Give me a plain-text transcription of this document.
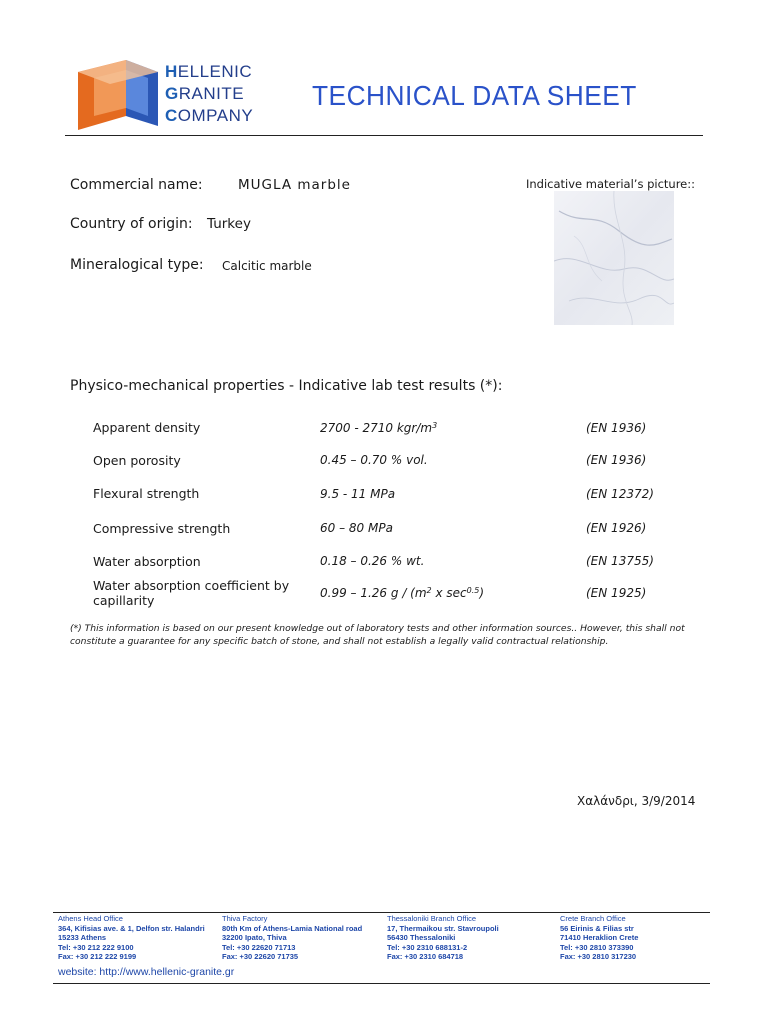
HELLENIC
GRANITE
COMPANY
TECHNICAL DATA SHEET
Commercial name:	MUGLA marble
Country of origin: Turkey
Mineralogical type: Calcitic marble
Indicative material’s picture::
Physico-mechanical properties - Indicative lab test results (*):
Apparent density	2700 - 2710 kgr/$m^3$	(EN 1936)
Open porosity	0.45 – 0.70 % vol.	(EN 1936)
Flexural strength	9.5 - 11 MPa	(EN 12372)
Compressive strength	60 – 80 MPa	(EN 1926)
Water absorption	0.18 – 0.26 % wt.	(EN 13755)
Water absorption coefficient by
capillarity	0.99 – 1.26 g / ($m^2$ x $\sec^{0.5}$)	(EN 1925)
(*) This information is based on our present knowledge out of laboratory tests and other information sources.. However, this shall not constitute a guarantee for any specific batch of stone, and shall not establish a legally valid contractual relationship.
Χαλάνδρι, 3/9/2014
Athens Head Office
364, Kifisias ave. & 1, Delfon str. Halandri
15233 Athens
Tel: +30 212 222 9100
Fax: +30 212 222 9199
Thiva Factory
80th Km of Athens-Lamia National road
32200 Ipato, Thiva
Tel: +30 22620 71713
Fax: +30 22620 71735
Thessaloniki Branch Office
17, Thermaikou str. Stavroupoli
56430 Thessaloniki
Tel: +30 2310 688131-2
Fax: +30 2310 684718
Crete Branch Office
56 Eirinis & Filias str
71410 Heraklion Crete
Tel: +30 2810 373390
Fax: +30 2810 317230
website: http://www.hellenic-granite.gr
